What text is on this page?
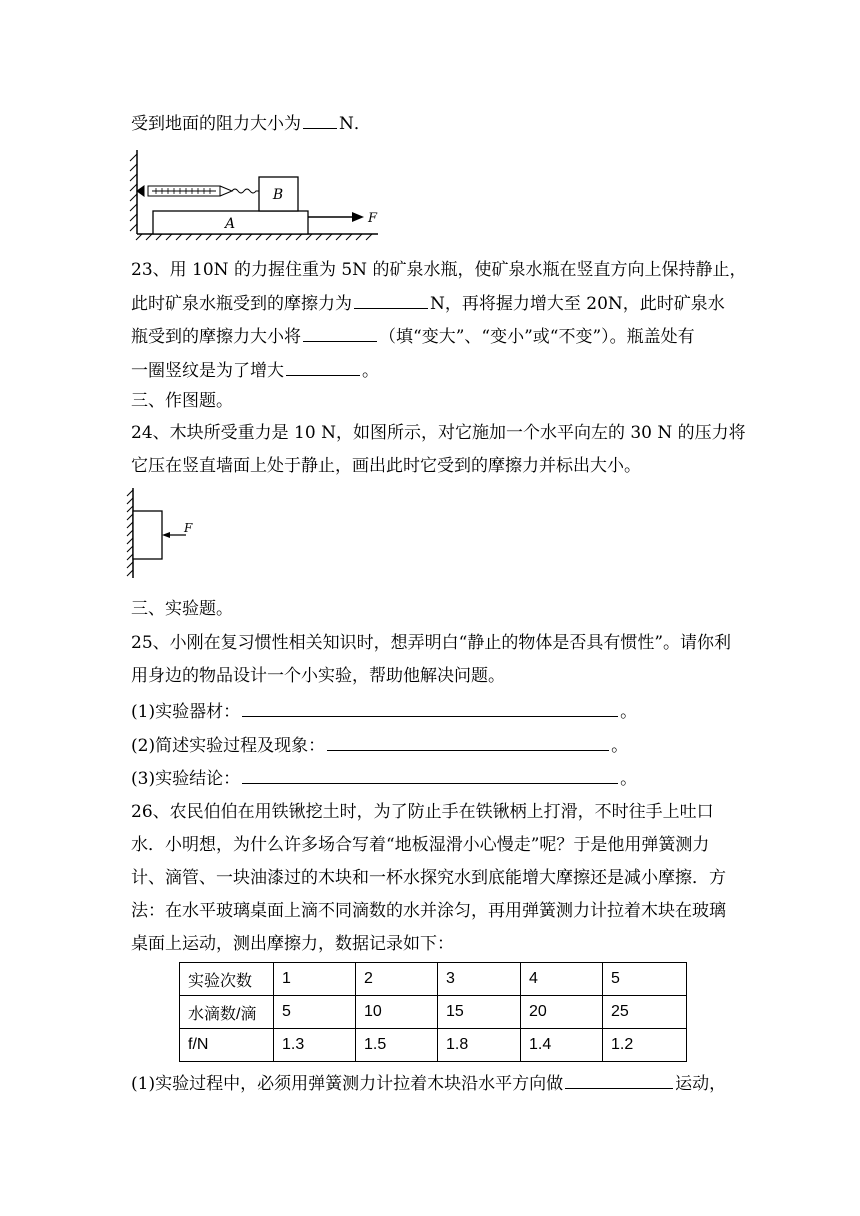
受到地面的阻力大小为 N．
A
B
F
23、用 10N 的力握住重为 5N 的矿泉水瓶，使矿泉水瓶在竖直方向上保持静止，
此时矿泉水瓶受到的摩擦力为	N，再将握力增大至 20N，此时矿泉水
瓶受到的摩擦力大小将	（填“变大”、“变小”或“不变”）。瓶盖处有
一圈竖纹是为了增大	。
三、作图题。
24、木块所受重力是 10 N，如图所示，对它施加一个水平向左的 30 N 的压力将
它压在竖直墙面上处于静止，画出此时它受到的摩擦力并标出大小。
F
三、实验题。
25、小刚在复习惯性相关知识时，想弄明白“静止的物体是否具有惯性”。请你利
用身边的物品设计一个小实验，帮助他解决问题。
(1)实验器材：	。
(2)简述实验过程及现象：	。
(3)实验结论：	。
26、农民伯伯在用铁锹挖土时，为了防止手在铁锹柄上打滑，不时往手上吐口
水．小明想，为什么许多场合写着“地板湿滑小心慢走”呢？于是他用弹簧测力
计、滴管、一块油漆过的木块和一杯水探究水到底能增大摩擦还是减小摩擦．方
法：在水平玻璃桌面上滴不同滴数的水并涂匀，再用弹簧测力计拉着木块在玻璃
桌面上运动，测出摩擦力，数据记录如下：
实验次数	1	2	3	4	5
水滴数/滴	5	10	15	20	25
f/N	1.3	1.5	1.8	1.4	1.2
(1)实验过程中，必须用弹簧测力计拉着木块沿水平方向做	运动，
